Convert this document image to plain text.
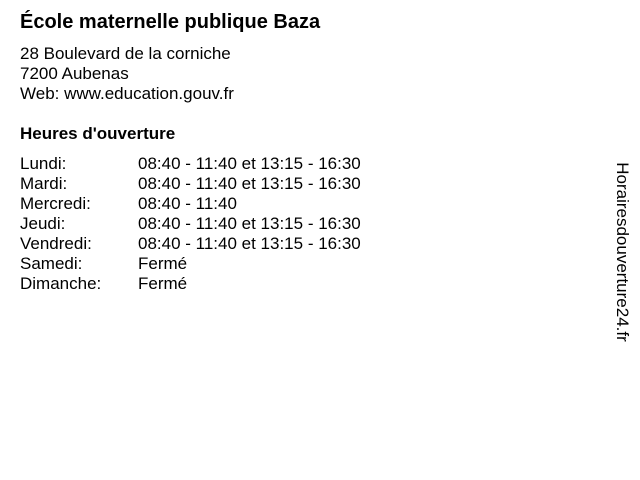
École maternelle publique Baza
28 Boulevard de la corniche
7200 Aubenas
Web: www.education.gouv.fr
Heures d'ouverture
Lundi:	08:40 - 11:40 et 13:15 - 16:30
Mardi:	08:40 - 11:40 et 13:15 - 16:30
Mercredi:	08:40 - 11:40
Jeudi:	08:40 - 11:40 et 13:15 - 16:30
Vendredi:	08:40 - 11:40 et 13:15 - 16:30
Samedi:	Fermé
Dimanche: Fermé	Horairesdouverture24.fr
